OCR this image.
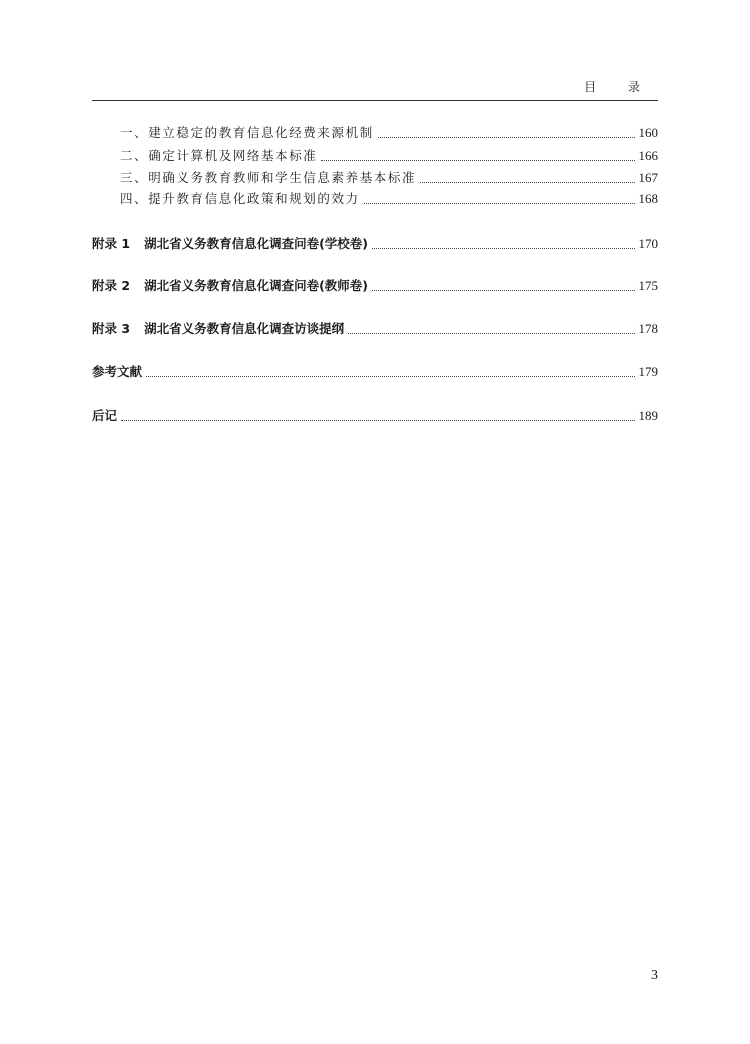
目 录
一、建立稳定的教育信息化经费来源机制	160
二、确定计算机及网络基本标准	166
三、明确义务教育教师和学生信息素养基本标准	167
四、提升教育信息化政策和规划的效力	168
附录 1 湖北省义务教育信息化调查问卷(学校卷)	170
附录 2 湖北省义务教育信息化调查问卷(教师卷)	175
附录 3 湖北省义务教育信息化调查访谈提纲	178
参考文献	179
后记	189
3
